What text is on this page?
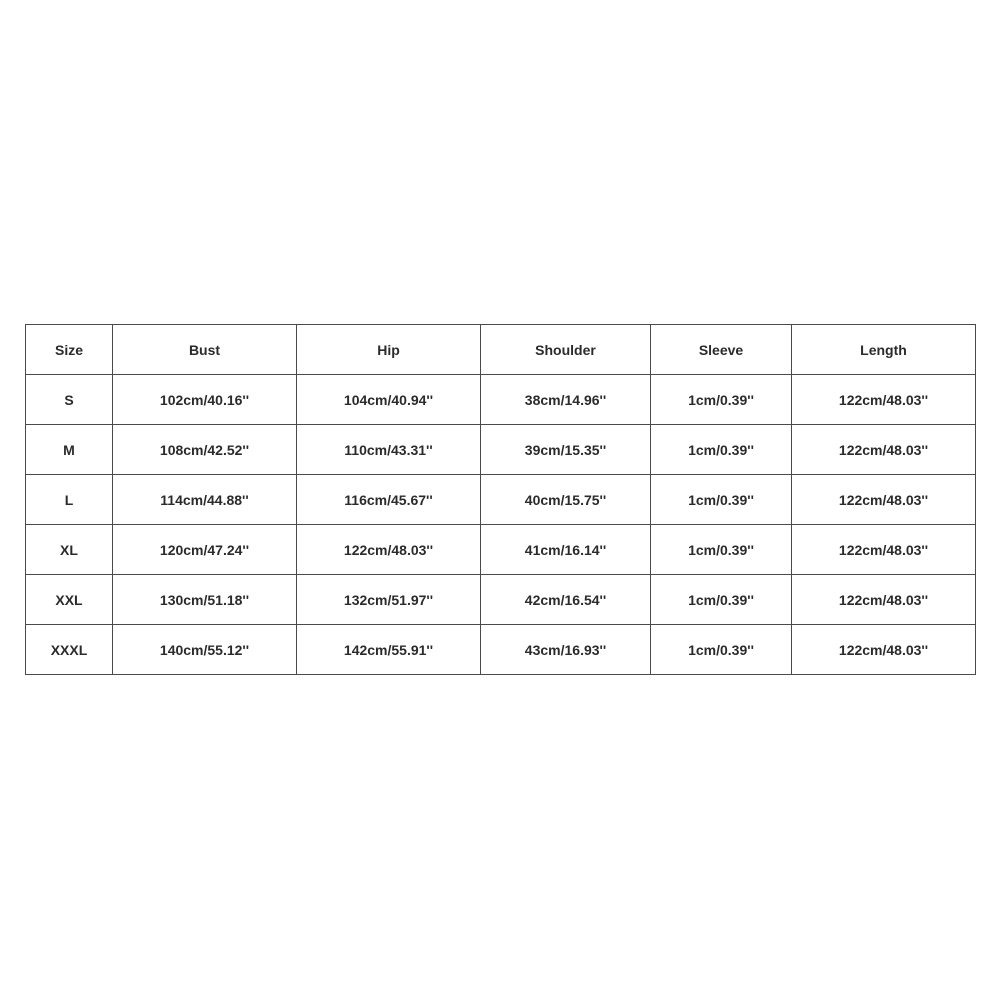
Size	Bust	Hip	Shoulder	Sleeve	Length
S	102cm/40.16''	104cm/40.94''	38cm/14.96''	1cm/0.39''	122cm/48.03''
M	108cm/42.52''	110cm/43.31''	39cm/15.35''	1cm/0.39''	122cm/48.03''
L	114cm/44.88''	116cm/45.67''	40cm/15.75''	1cm/0.39''	122cm/48.03''
XL	120cm/47.24''	122cm/48.03''	41cm/16.14''	1cm/0.39''	122cm/48.03''
XXL	130cm/51.18''	132cm/51.97''	42cm/16.54''	1cm/0.39''	122cm/48.03''
XXXL	140cm/55.12''	142cm/55.91''	43cm/16.93''	1cm/0.39''	122cm/48.03''
